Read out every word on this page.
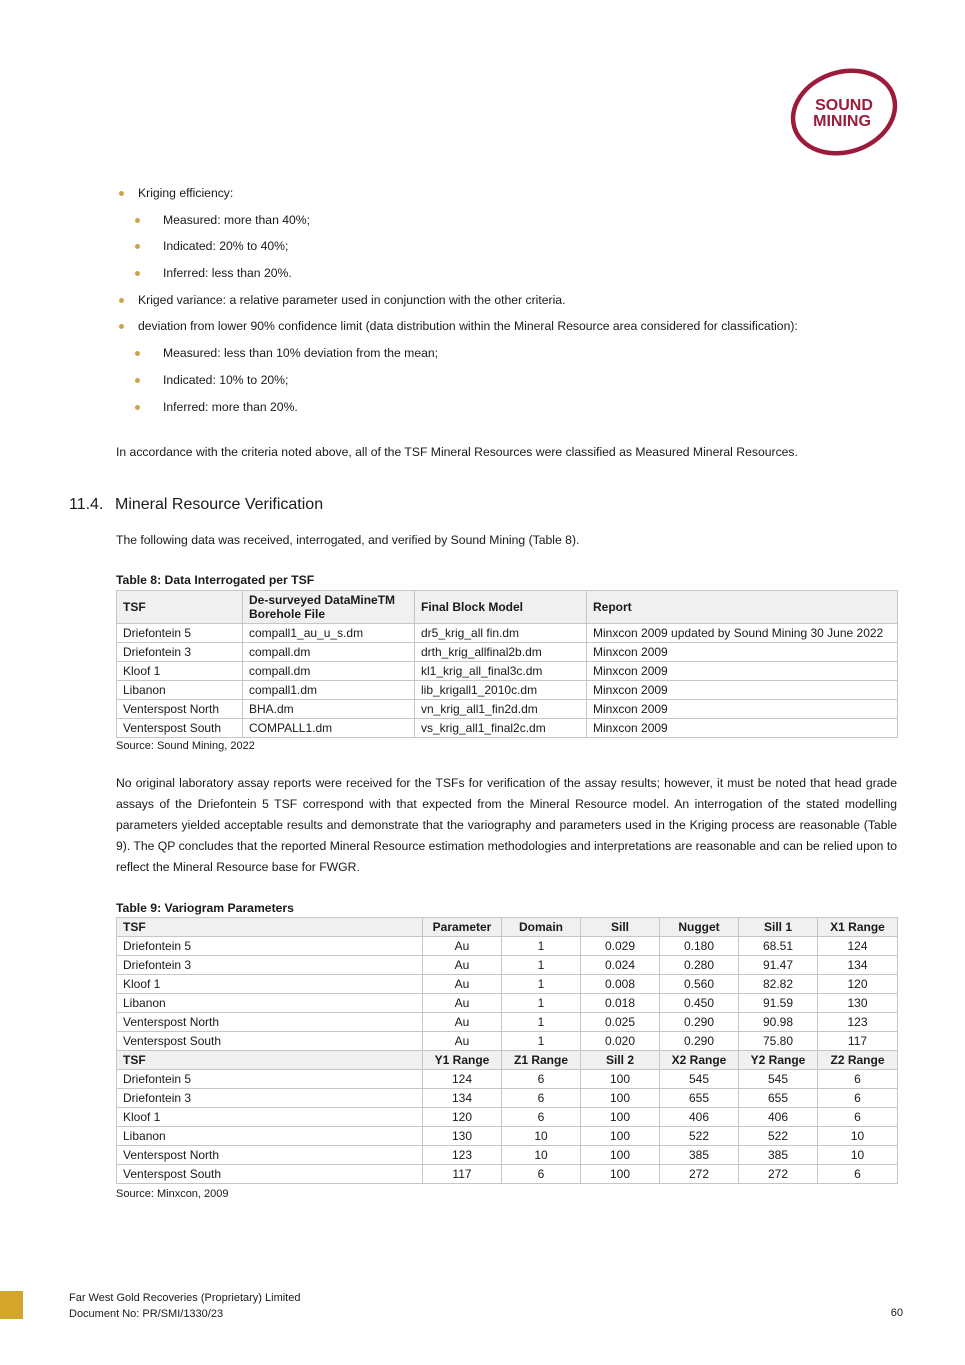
SOUND
MINING
Kriging efficiency:
Measured: more than 40%;
Indicated: 20% to 40%;
Inferred: less than 20%.
Kriged variance: a relative parameter used in conjunction with the other criteria.
deviation from lower 90% confidence limit (data distribution within the Mineral Resource area considered for classification):
Measured: less than 10% deviation from the mean;
Indicated: 10% to 20%;
Inferred: more than 20%.

In accordance with the criteria noted above, all of the TSF Mineral Resources were classified as Measured Mineral Resources.

11.4. Mineral Resource Verification

The following data was received, interrogated, and verified by Sound Mining (Table 8).

Table 8: Data Interrogated per TSF
TSF	De-surveyed DataMineTM Borehole File	Final Block Model	Report
Driefontein 5	compall1_au_u_s.dm	dr5_krig_all fin.dm	Minxcon 2009 updated by Sound Mining 30 June 2022
Driefontein 3	compall.dm	drth_krig_allfinal2b.dm	Minxcon 2009
Kloof 1	compall.dm	kl1_krig_all_final3c.dm	Minxcon 2009
Libanon	compall1.dm	lib_krigall1_2010c.dm	Minxcon 2009
Venterspost North	BHA.dm	vn_krig_all1_fin2d.dm	Minxcon 2009
Venterspost South	COMPALL1.dm	vs_krig_all1_final2c.dm	Minxcon 2009
Source: Sound Mining, 2022

No original laboratory assay reports were received for the TSFs for verification of the assay results; however, it must be noted that head grade assays of the Driefontein 5 TSF correspond with that expected from the Mineral Resource model. An interrogation of the stated modelling parameters yielded acceptable results and demonstrate that the variography and parameters used in the Kriging process are reasonable (Table 9). The QP concludes that the reported Mineral Resource estimation methodologies and interpretations are reasonable and can be relied upon to reflect the Mineral Resource base for FWGR.

Table 9: Variogram Parameters
TSF	Parameter	Domain	Sill	Nugget	Sill 1	X1 Range
Driefontein 5	Au	1	0.029	0.180	68.51	124
Driefontein 3	Au	1	0.024	0.280	91.47	134
Kloof 1	Au	1	0.008	0.560	82.82	120
Libanon	Au	1	0.018	0.450	91.59	130
Venterspost North	Au	1	0.025	0.290	90.98	123
Venterspost South	Au	1	0.020	0.290	75.80	117
TSF	Y1 Range	Z1 Range	Sill 2	X2 Range	Y2 Range	Z2 Range
Driefontein 5	124	6	100	545	545	6
Driefontein 3	134	6	100	655	655	6
Kloof 1	120	6	100	406	406	6
Libanon	130	10	100	522	522	10
Venterspost North	123	10	100	385	385	10
Venterspost South	117	6	100	272	272	6
Source: Minxcon, 2009
Far West Gold Recoveries (Proprietary) Limited
Document No: PR/SMI/1330/23	60
